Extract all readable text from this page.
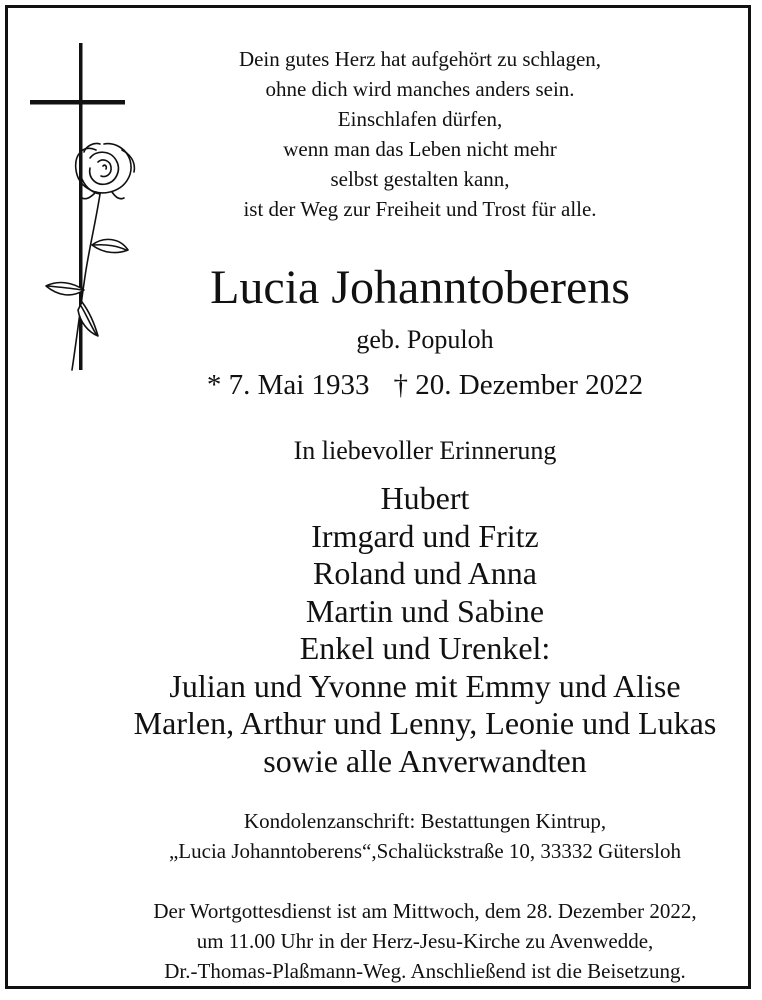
Dein gutes Herz hat aufgehört zu schlagen,
ohne dich wird manches anders sein.
Einschlafen dürfen,
wenn man das Leben nicht mehr
selbst gestalten kann,
ist der Weg zur Freiheit und Trost für alle.
Lucia Johanntoberens
geb. Populoh
* 7. Mai 1933 † 20. Dezember 2022
In liebevoller Erinnerung
Hubert
Irmgard und Fritz
Roland und Anna
Martin und Sabine
Enkel und Urenkel:
Julian und Yvonne mit Emmy und Alise
Marlen, Arthur und Lenny, Leonie und Lukas
sowie alle Anverwandten
Kondolenzanschrift: Bestattungen Kintrup,
„Lucia Johanntoberens“,Schalückstraße 10, 33332 Gütersloh
Der Wortgottesdienst ist am Mittwoch, dem 28. Dezember 2022,
um 11.00 Uhr in der Herz-Jesu-Kirche zu Avenwedde,
Dr.-Thomas-Plaßmann-Weg. Anschließend ist die Beisetzung.
